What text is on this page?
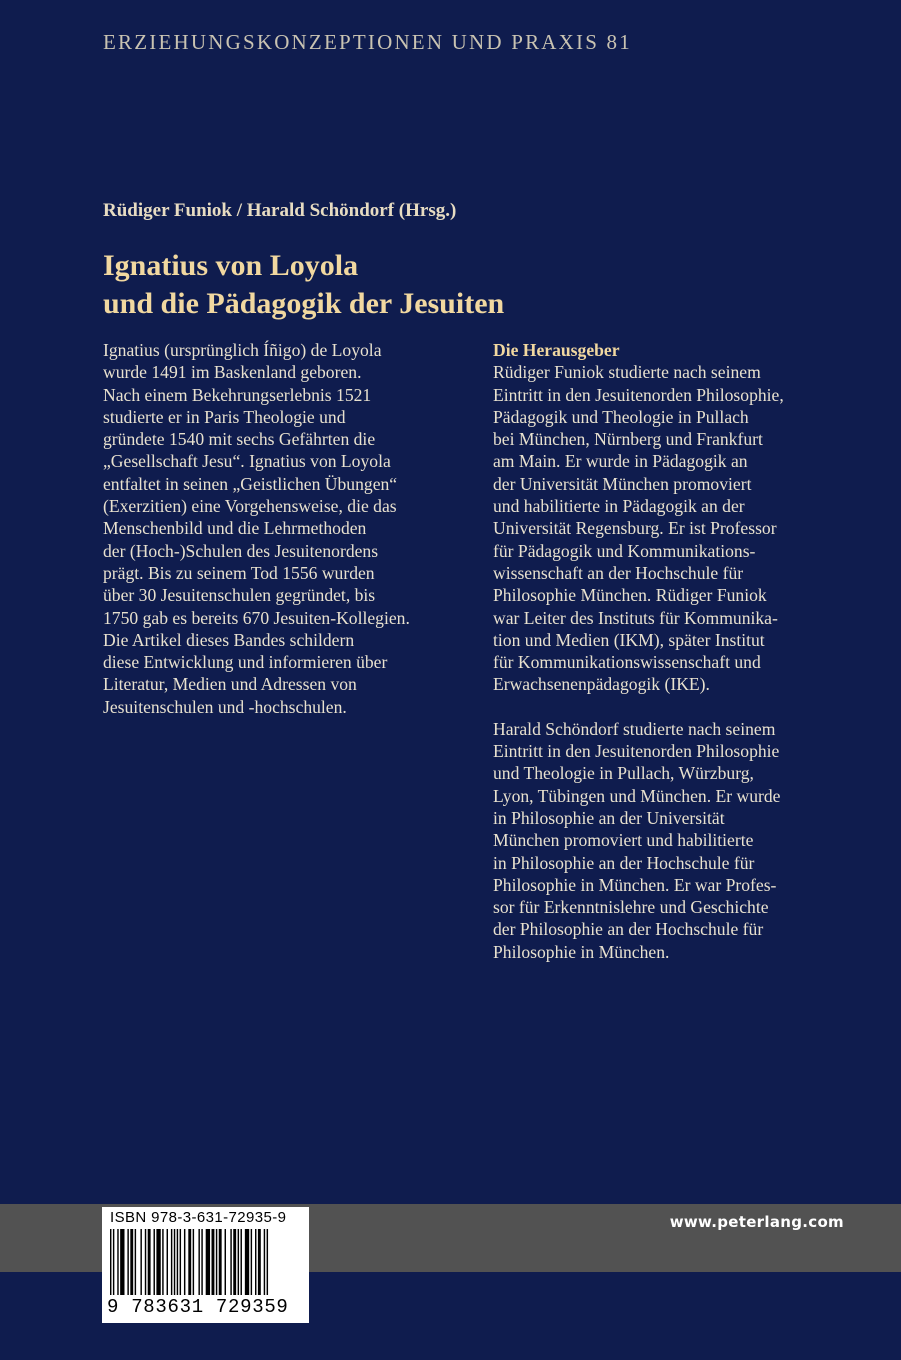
ERZIEHUNGSKONZEPTIONEN UND PRAXIS 81
Rüdiger Funiok / Harald Schöndorf (Hrsg.)
Ignatius von Loyola
und die Pädagogik der Jesuiten
Ignatius (ursprünglich Íñigo) de Loyola
wurde 1491 im Baskenland geboren.
Nach einem Bekehrungserlebnis 1521
studierte er in Paris Theologie und
gründete 1540 mit sechs Gefährten die
„Gesellschaft Jesu“. Ignatius von Loyola
entfaltet in seinen „Geistlichen Übungen“
(Exerzitien) eine Vorgehensweise, die das
Menschenbild und die Lehrmethoden
der (Hoch-)Schulen des Jesuitenordens
prägt. Bis zu seinem Tod 1556 wurden
über 30 Jesuitenschulen gegründet, bis
1750 gab es bereits 670 Jesuiten-Kollegien.
Die Artikel dieses Bandes schildern
diese Entwicklung und informieren über
Literatur, Medien und Adressen von
Jesuitenschulen und -hochschulen.
Die Herausgeber
Rüdiger Funiok studierte nach seinem
Eintritt in den Jesuitenorden Philosophie,
Pädagogik und Theologie in Pullach
bei München, Nürnberg und Frankfurt
am Main. Er wurde in Pädagogik an
der Universität München promoviert
und habilitierte in Pädagogik an der
Universität Regensburg. Er ist Professor
für Pädagogik und Kommunikations-
wissenschaft an der Hochschule für
Philosophie München. Rüdiger Funiok
war Leiter des Instituts für Kommunika-
tion und Medien (IKM), später Institut
für Kommunikationswissenschaft und
Erwachsenenpädagogik (IKE).
Harald Schöndorf studierte nach seinem
Eintritt in den Jesuitenorden Philosophie
und Theologie in Pullach, Würzburg,
Lyon, Tübingen und München. Er wurde
in Philosophie an der Universität
München promoviert und habilitierte
in Philosophie an der Hochschule für
Philosophie in München. Er war Profes-
sor für Erkenntnislehre und Geschichte
der Philosophie an der Hochschule für
Philosophie in München.
www.peterlang.com
ISBN 978-3-631-72935-9
9 783631 729359
